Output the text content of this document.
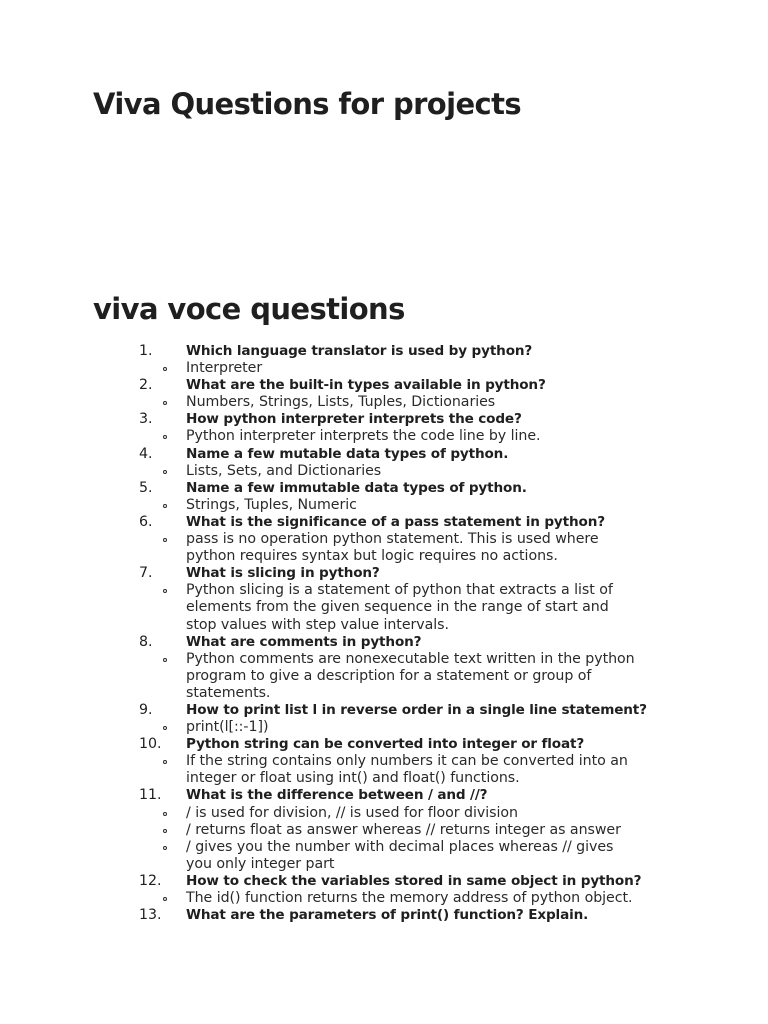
Viva Questions for projects
viva voce questions
1. Which language translator is used by python?
Interpreter
2. What are the built-in types available in python?
Numbers, Strings, Lists, Tuples, Dictionaries
3. How python interpreter interprets the code?
Python interpreter interprets the code line by line.
4. Name a few mutable data types of python.
Lists, Sets, and Dictionaries
5. Name a few immutable data types of python.
Strings, Tuples, Numeric
6. What is the significance of a pass statement in python?
pass is no operation python statement. This is used where
python requires syntax but logic requires no actions.
7. What is slicing in python?
Python slicing is a statement of python that extracts a list of
elements from the given sequence in the range of start and
stop values with step value intervals.
8. What are comments in python?
Python comments are nonexecutable text written in the python
program to give a description for a statement or group of
statements.
9. How to print list l in reverse order in a single line statement?
print(l[::-1])
10. Python string can be converted into integer or float?
If the string contains only numbers it can be converted into an
integer or float using int() and float() functions.
11. What is the difference between / and //?
/ is used for division, // is used for floor division
/ returns float as answer whereas // returns integer as answer
/ gives you the number with decimal places whereas // gives
you only integer part
12. How to check the variables stored in same object in python?
The id() function returns the memory address of python object.
13. What are the parameters of print() function? Explain.
